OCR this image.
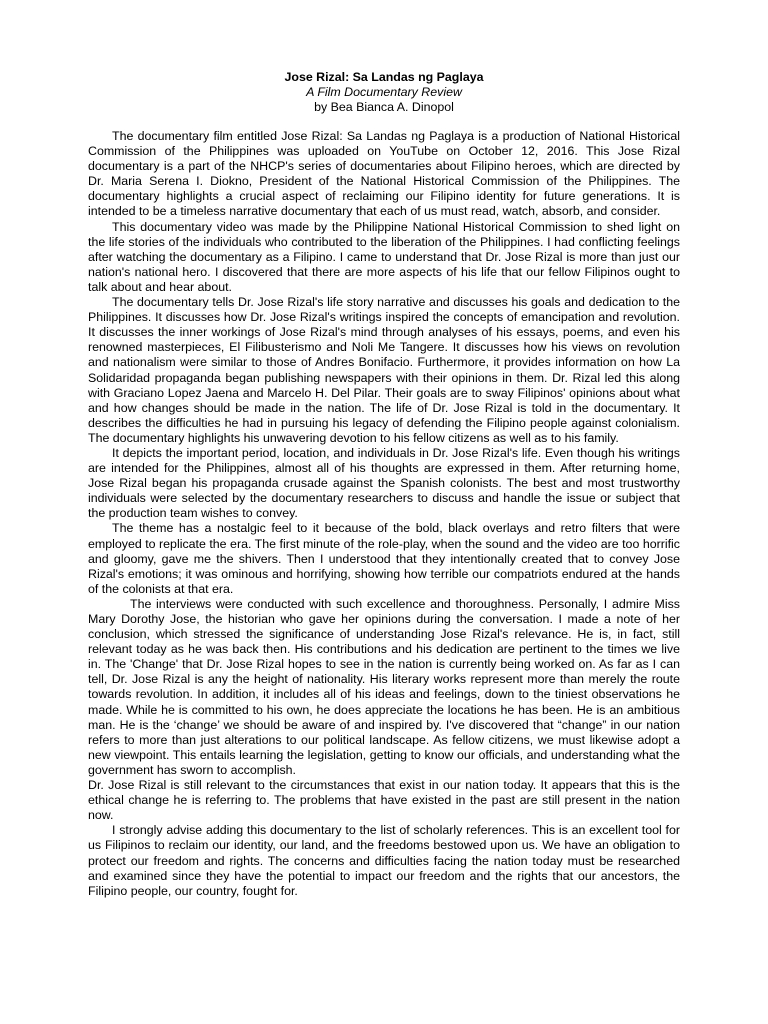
Jose Rizal: Sa Landas ng Paglaya
A Film Documentary Review
by Bea Bianca A. Dinopol

The documentary film entitled Jose Rizal: Sa Landas ng Paglaya is a production of National Historical Commission of the Philippines was uploaded on YouTube on October 12, 2016. This Jose Rizal documentary is a part of the NHCP's series of documentaries about Filipino heroes, which are directed by Dr. Maria Serena I. Diokno, President of the National Historical Commission of the Philippines. The documentary highlights a crucial aspect of reclaiming our Filipino identity for future generations. It is intended to be a timeless narrative documentary that each of us must read, watch, absorb, and consider.

This documentary video was made by the Philippine National Historical Commission to shed light on the life stories of the individuals who contributed to the liberation of the Philippines. I had conflicting feelings after watching the documentary as a Filipino. I came to understand that Dr. Jose Rizal is more than just our nation's national hero. I discovered that there are more aspects of his life that our fellow Filipinos ought to talk about and hear about.

The documentary tells Dr. Jose Rizal's life story narrative and discusses his goals and dedication to the Philippines. It discusses how Dr. Jose Rizal's writings inspired the concepts of emancipation and revolution. It discusses the inner workings of Jose Rizal's mind through analyses of his essays, poems, and even his renowned masterpieces, El Filibusterismo and Noli Me Tangere. It discusses how his views on revolution and nationalism were similar to those of Andres Bonifacio. Furthermore, it provides information on how La Solidaridad propaganda began publishing newspapers with their opinions in them. Dr. Rizal led this along with Graciano Lopez Jaena and Marcelo H. Del Pilar. Their goals are to sway Filipinos' opinions about what and how changes should be made in the nation. The life of Dr. Jose Rizal is told in the documentary. It describes the difficulties he had in pursuing his legacy of defending the Filipino people against colonialism. The documentary highlights his unwavering devotion to his fellow citizens as well as to his family.

It depicts the important period, location, and individuals in Dr. Jose Rizal's life. Even though his writings are intended for the Philippines, almost all of his thoughts are expressed in them. After returning home, Jose Rizal began his propaganda crusade against the Spanish colonists. The best and most trustworthy individuals were selected by the documentary researchers to discuss and handle the issue or subject that the production team wishes to convey.

The theme has a nostalgic feel to it because of the bold, black overlays and retro filters that were employed to replicate the era. The first minute of the role-play, when the sound and the video are too horrific and gloomy, gave me the shivers. Then I understood that they intentionally created that to convey Jose Rizal's emotions; it was ominous and horrifying, showing how terrible our compatriots endured at the hands of the colonists at that era.

The interviews were conducted with such excellence and thoroughness. Personally, I admire Miss Mary Dorothy Jose, the historian who gave her opinions during the conversation. I made a note of her conclusion, which stressed the significance of understanding Jose Rizal's relevance. He is, in fact, still relevant today as he was back then. His contributions and his dedication are pertinent to the times we live in. The 'Change' that Dr. Jose Rizal hopes to see in the nation is currently being worked on. As far as I can tell, Dr. Jose Rizal is any the height of nationality. His literary works represent more than merely the route towards revolution. In addition, it includes all of his ideas and feelings, down to the tiniest observations he made. While he is committed to his own, he does appreciate the locations he has been. He is an ambitious man. He is the ‘change’ we should be aware of and inspired by. I've discovered that “change” in our nation refers to more than just alterations to our political landscape. As fellow citizens, we must likewise adopt a new viewpoint. This entails learning the legislation, getting to know our officials, and understanding what the government has sworn to accomplish.

Dr. Jose Rizal is still relevant to the circumstances that exist in our nation today. It appears that this is the ethical change he is referring to. The problems that have existed in the past are still present in the nation now.

I strongly advise adding this documentary to the list of scholarly references. This is an excellent tool for us Filipinos to reclaim our identity, our land, and the freedoms bestowed upon us. We have an obligation to protect our freedom and rights. The concerns and difficulties facing the nation today must be researched and examined since they have the potential to impact our freedom and the rights that our ancestors, the Filipino people, our country, fought for.
